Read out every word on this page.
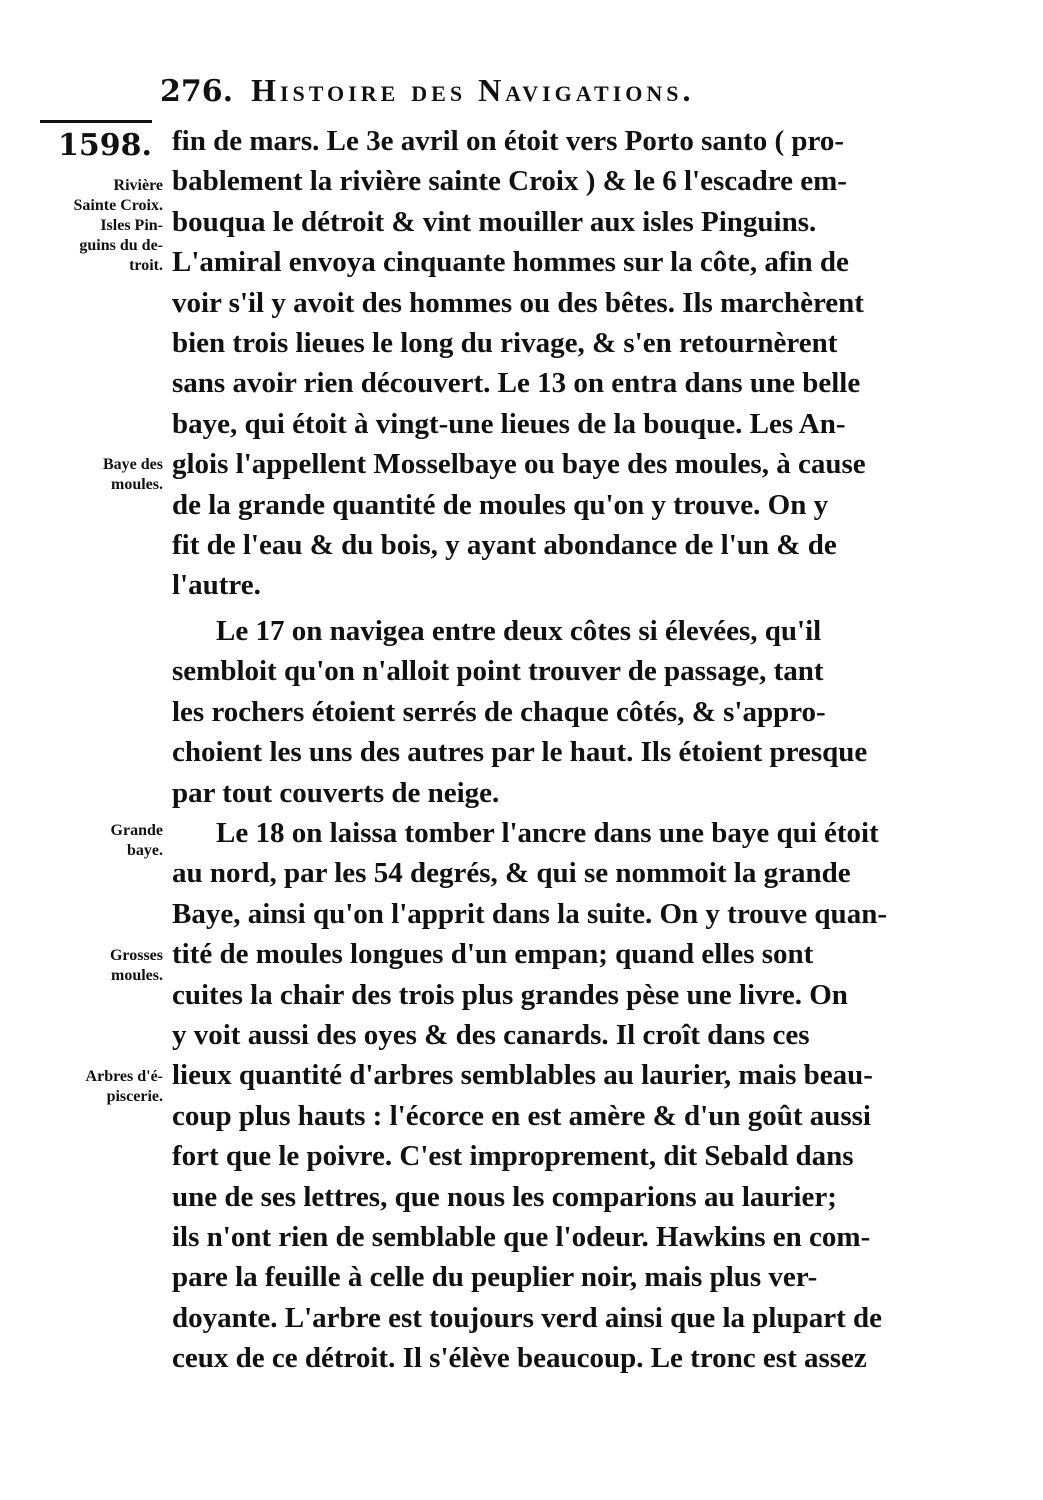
276. Histoire des Navigations.
1598.
Rivière
Sainte Croix.
Isles Pin-
guins du de-
troit.
Baye des
moules.
Grande
baye.
Grosses
moules.
Arbres d'é-
piscerie.

fin de mars. Le 3e avril on étoit vers Porto santo ( pro-
bablement la rivière sainte Croix ) & le 6 l'escadre em-
bouqua le détroit & vint mouiller aux isles Pinguins.
L'amiral envoya cinquante hommes sur la côte, afin de
voir s'il y avoit des hommes ou des bêtes. Ils marchèrent
bien trois lieues le long du rivage, & s'en retournèrent
sans avoir rien découvert. Le 13 on entra dans une belle
baye, qui étoit à vingt-une lieues de la bouque. Les An-
glois l'appellent Mosselbaye ou baye des moules, à cause
de la grande quantité de moules qu'on y trouve. On y
fit de l'eau & du bois, y ayant abondance de l'un & de
l'autre.

Le 17 on navigea entre deux côtes si élevées, qu'il
sembloit qu'on n'alloit point trouver de passage, tant
les rochers étoient serrés de chaque côtés, & s'appro-
choient les uns des autres par le haut. Ils étoient presque
par tout couverts de neige.

Le 18 on laissa tomber l'ancre dans une baye qui étoit
au nord, par les 54 degrés, & qui se nommoit la grande
Baye, ainsi qu'on l'apprit dans la suite. On y trouve quan-
tité de moules longues d'un empan; quand elles sont
cuites la chair des trois plus grandes pèse une livre. On
y voit aussi des oyes & des canards. Il croît dans ces
lieux quantité d'arbres semblables au laurier, mais beau-
coup plus hauts : l'écorce en est amère & d'un goût aussi
fort que le poivre. C'est improprement, dit Sebald dans
une de ses lettres, que nous les comparions au laurier;
ils n'ont rien de semblable que l'odeur. Hawkins en com-
pare la feuille à celle du peuplier noir, mais plus ver-
doyante. L'arbre est toujours verd ainsi que la plupart de
ceux de ce détroit. Il s'élève beaucoup. Le tronc est assez
